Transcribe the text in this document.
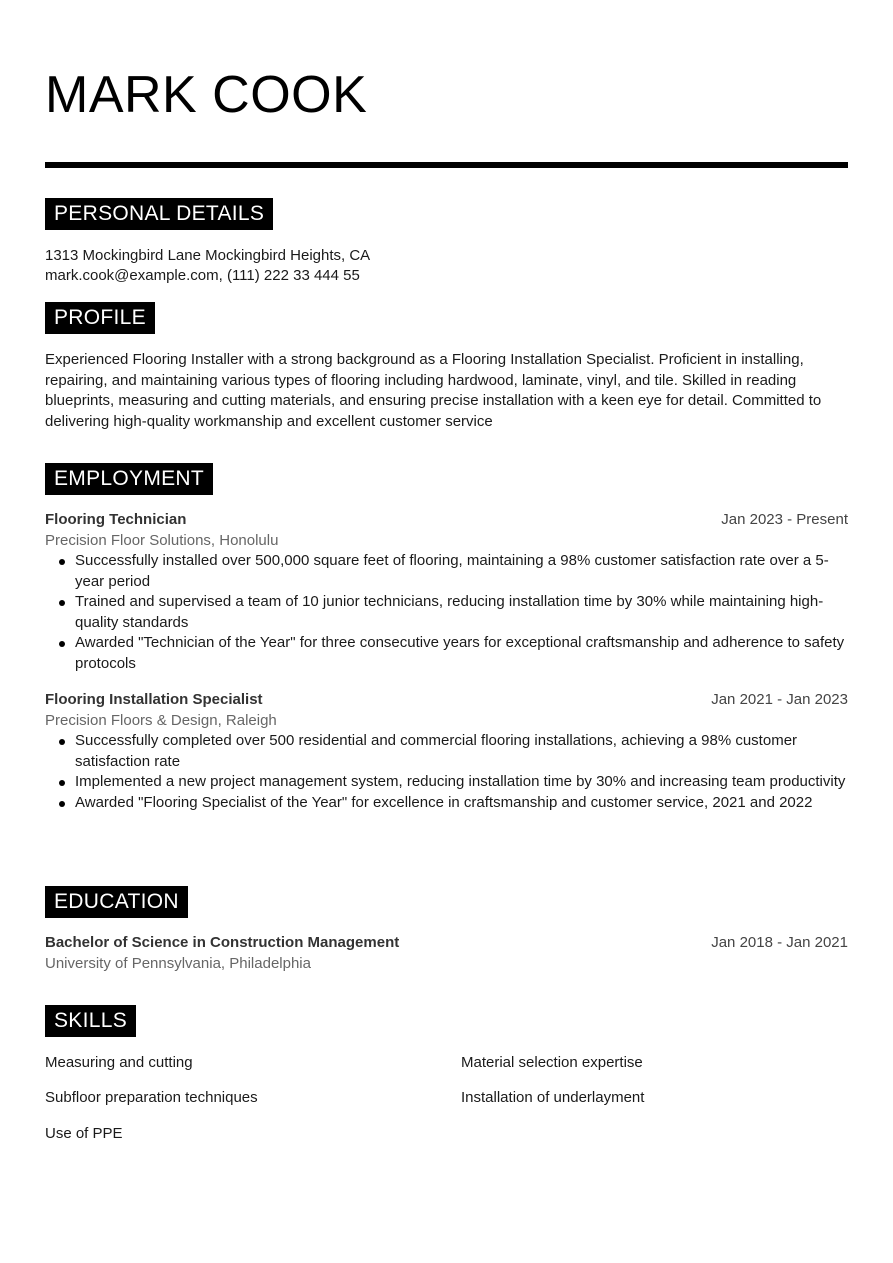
MARK COOK
PERSONAL DETAILS
1313 Mockingbird Lane Mockingbird Heights, CA
mark.cook@example.com, (111) 222 33 444 55
PROFILE
Experienced Flooring Installer with a strong background as a Flooring Installation Specialist. Proficient in installing, repairing, and maintaining various types of flooring including hardwood, laminate, vinyl, and tile. Skilled in reading blueprints, measuring and cutting materials, and ensuring precise installation with a keen eye for detail. Committed to delivering high-quality workmanship and excellent customer service
EMPLOYMENT
Flooring Technician	Jan 2023 - Present
Precision Floor Solutions, Honolulu
Successfully installed over 500,000 square feet of flooring, maintaining a 98% customer satisfaction rate over a 5-year period
Trained and supervised a team of 10 junior technicians, reducing installation time by 30% while maintaining high-quality standards
Awarded "Technician of the Year" for three consecutive years for exceptional craftsmanship and adherence to safety protocols
Flooring Installation Specialist	Jan 2021 - Jan 2023
Precision Floors & Design, Raleigh
Successfully completed over 500 residential and commercial flooring installations, achieving a 98% customer satisfaction rate
Implemented a new project management system, reducing installation time by 30% and increasing team productivity
Awarded "Flooring Specialist of the Year" for excellence in craftsmanship and customer service, 2021 and 2022
EDUCATION
Bachelor of Science in Construction Management	Jan 2018 - Jan 2021
University of Pennsylvania, Philadelphia
SKILLS
Measuring and cutting	Material selection expertise
Subfloor preparation techniques	Installation of underlayment
Use of PPE
